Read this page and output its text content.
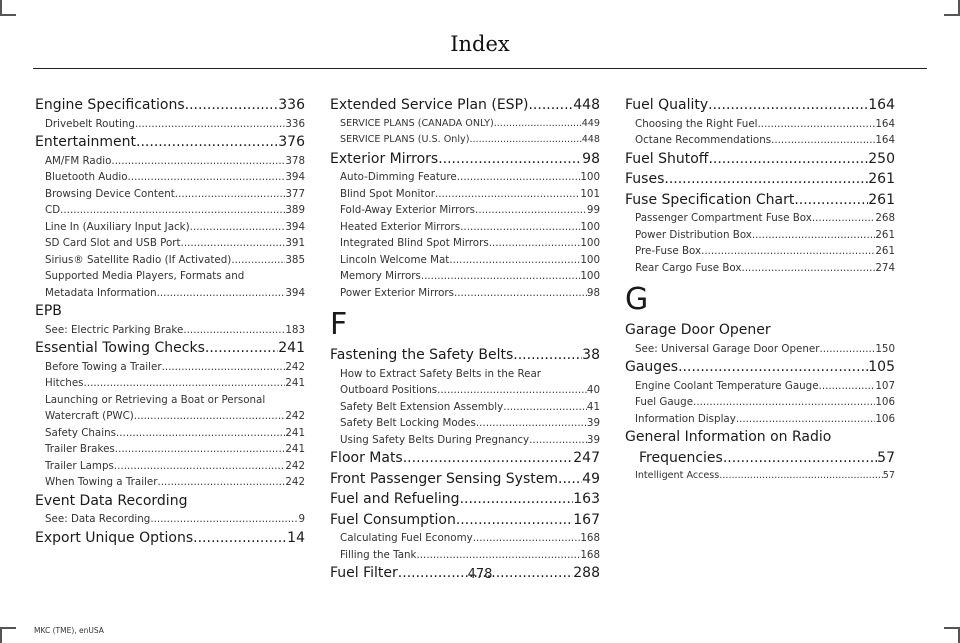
Index
Engine Specifications .....	336
Drivebelt Routing .....	336
Entertainment .....	376
AM/FM Radio .....	378
Bluetooth Audio .....	394
Browsing Device Content .....	377
CD .....	389
Line In (Auxiliary Input Jack) .....	394
SD Card Slot and USB Port .....	391
Sirius® Satellite Radio (If Activated) .....	385
Supported Media Players, Formats and
Metadata Information .....	394
EPB
See: Electric Parking Brake .....	183
Essential Towing Checks .....	241
Before Towing a Trailer .....	242
Hitches .....	241
Launching or Retrieving a Boat or Personal
Watercraft (PWC) .....	242
Safety Chains .....	241
Trailer Brakes .....	241
Trailer Lamps .....	242
When Towing a Trailer .....	242
Event Data Recording
See: Data Recording .....	9
Export Unique Options .....	14
Extended Service Plan (ESP) .....	448
SERVICE PLANS (CANADA ONLY) .....	449
SERVICE PLANS (U.S. Only) .....	448
Exterior Mirrors .....	98
Auto-Dimming Feature .....	100
Blind Spot Monitor .....	101
Fold-Away Exterior Mirrors .....	99
Heated Exterior Mirrors .....	100
Integrated Blind Spot Mirrors .....	100
Lincoln Welcome Mat .....	100
Memory Mirrors .....	100
Power Exterior Mirrors .....	98
F
Fastening the Safety Belts .....	38
How to Extract Safety Belts in the Rear
Outboard Positions .....	40
Safety Belt Extension Assembly .....	41
Safety Belt Locking Modes .....	39
Using Safety Belts During Pregnancy .....	39
Floor Mats .....	247
Front Passenger Sensing System ..... 49
Fuel and Refueling .....	163
Fuel Consumption .....	167
Calculating Fuel Economy .....	168
Filling the Tank .....	168
Fuel Filter .....	288
Fuel Quality .....	164
Choosing the Right Fuel .....	164
Octane Recommendations .....	164
Fuel Shutoff .....	250
Fuses .....	261
Fuse Specification Chart .....	261
Passenger Compartment Fuse Box .....	268
Power Distribution Box .....	261
Pre-Fuse Box .....	261
Rear Cargo Fuse Box .....	274
G
Garage Door Opener
See: Universal Garage Door Opener .....	150
Gauges .....	105
Engine Coolant Temperature Gauge .....	107
Fuel Gauge .....	106
Information Display .....	106
General Information on Radio
Frequencies .....	57
Intelligent Access .....	57
478
MKC (TME), enUSA
